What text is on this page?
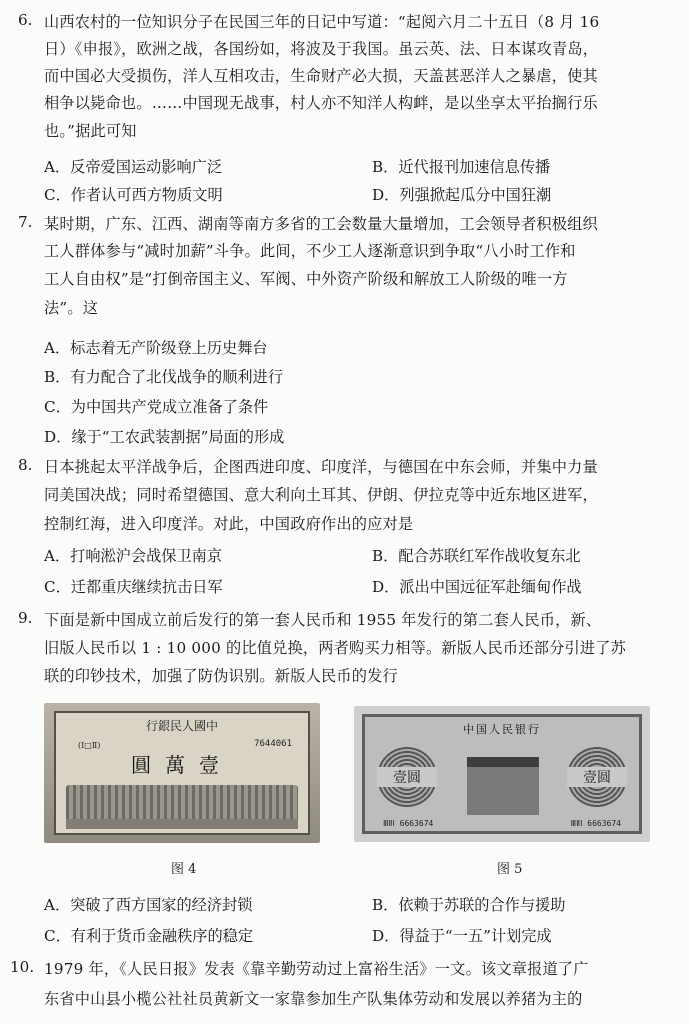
6. 山西农村的一位知识分子在民国三年的日记中写道：“起阅六月二十五日（8 月 16
日）《申报》，欧洲之战，各国纷如，将波及于我国。虽云英、法、日本谋攻青岛，
而中国必大受损伤，洋人互相攻击，生命财产必大损，天盖甚恶洋人之暴虐，使其
相争以毙命也。……中国现无战事，村人亦不知洋人构衅，是以坐享太平抬搁行乐
也。”据此可知
A．反帝爱国运动影响广泛	B．近代报刊加速信息传播
C．作者认可西方物质文明	D．列强掀起瓜分中国狂潮
7. 某时期，广东、江西、湖南等南方多省的工会数量大量增加，工会领导者积极组织
工人群体参与“减时加薪”斗争。此间，不少工人逐渐意识到争取“八小时工作和
工人自由权”是“打倒帝国主义、军阀、中外资产阶级和解放工人阶级的唯一方
法”。这
A．标志着无产阶级登上历史舞台
B．有力配合了北伐战争的顺利进行
C．为中国共产党成立准备了条件
D．缘于“工农武装割据”局面的形成
8. 日本挑起太平洋战争后，企图西进印度、印度洋，与德国在中东会师，并集中力量
同美国决战；同时希望德国、意大利向土耳其、伊朗、伊拉克等中近东地区进军，
控制红海，进入印度洋。对此，中国政府作出的应对是
A．打响淞沪会战保卫南京	B．配合苏联红军作战收复东北
C．迁都重庆继续抗击日军	D．派出中国远征军赴缅甸作战
9. 下面是新中国成立前后发行的第一套人民币和 1955 年发行的第二套人民币，新、
旧版人民币以 1 : 10 000 的比值兑换，两者购买力相等。新版人民币还部分引进了苏
联的印钞技术，加强了防伪识别。新版人民币的发行
行銀民人國中
(Ⅰ□Ⅱ)	7644061
圓萬壹
图 4
中国人民银行
壹圆	壹圆
ⅢⅡⅠ 6663674	ⅢⅡⅠ 6663674
图 5
A．突破了西方国家的经济封锁	B．依赖于苏联的合作与援助
C．有利于货币金融秩序的稳定	D．得益于“一五”计划完成
10. 1979 年，《人民日报》发表《靠辛勤劳动过上富裕生活》一文。该文章报道了广
东省中山县小榄公社社员黄新文一家靠参加生产队集体劳动和发展以养猪为主的
